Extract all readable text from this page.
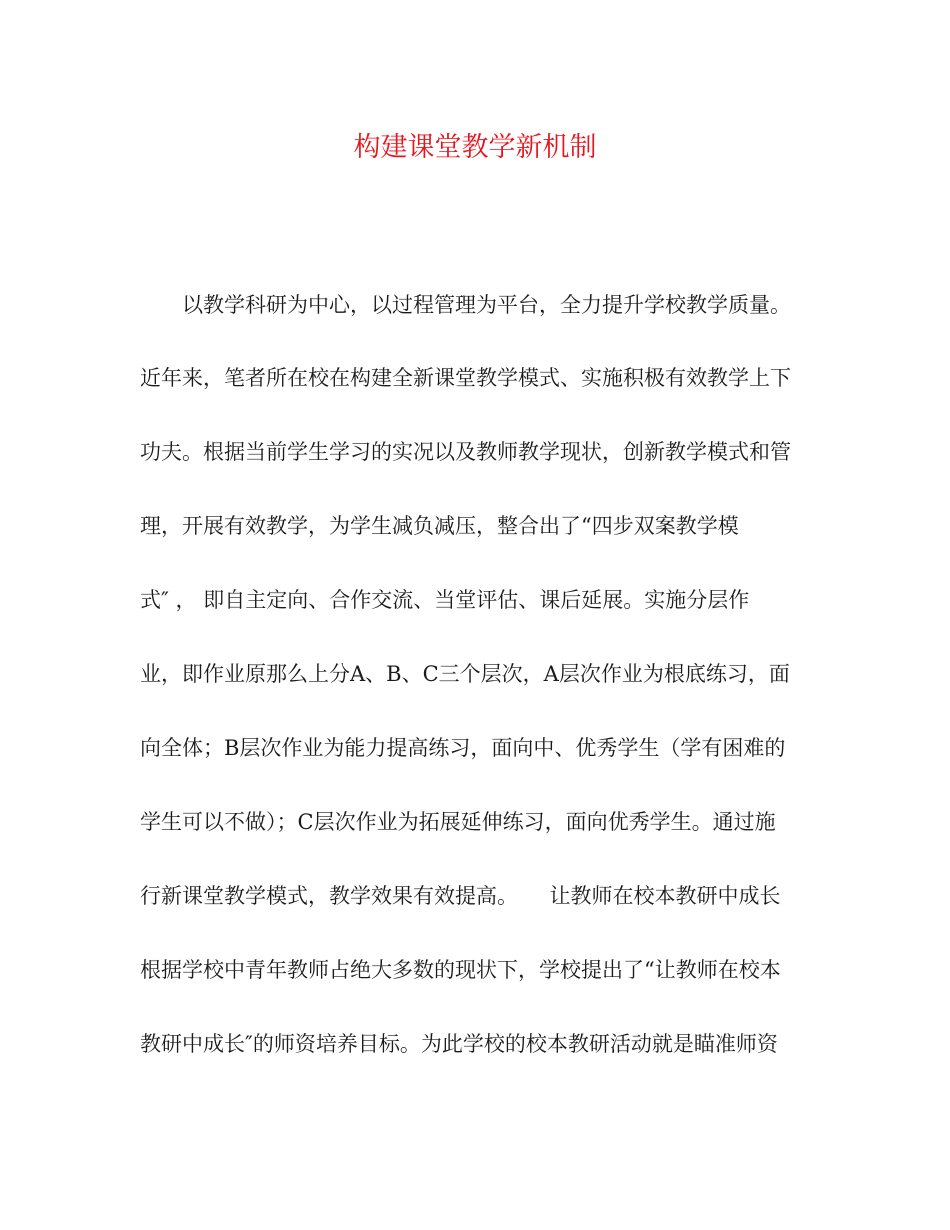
构建课堂教学新机制

以教学科研为中心，以过程管理为平台，全力提升学校教学质量。

近年来，笔者所在校在构建全新课堂教学模式、实施积极有效教学上下

功夫。根据当前学生学习的实况以及教师教学现状，创新教学模式和管

理，开展有效教学，为学生减负减压，整合出了“四步双案教学模

式″ ， 即自主定向、合作交流、当堂评估、课后延展。实施分层作

业，即作业原那么上分A、B、C三个层次，A层次作业为根底练习，面

向全体；B层次作业为能力提高练习，面向中、优秀学生（学有困难的

学生可以不做）；C层次作业为拓展延伸练习，面向优秀学生。通过施

行新课堂教学模式，教学效果有效提高。　　让教师在校本教研中成长

根据学校中青年教师占绝大多数的现状下，学校提出了“让教师在校本

教研中成长″的师资培养目标。为此学校的校本教研活动就是瞄准师资
